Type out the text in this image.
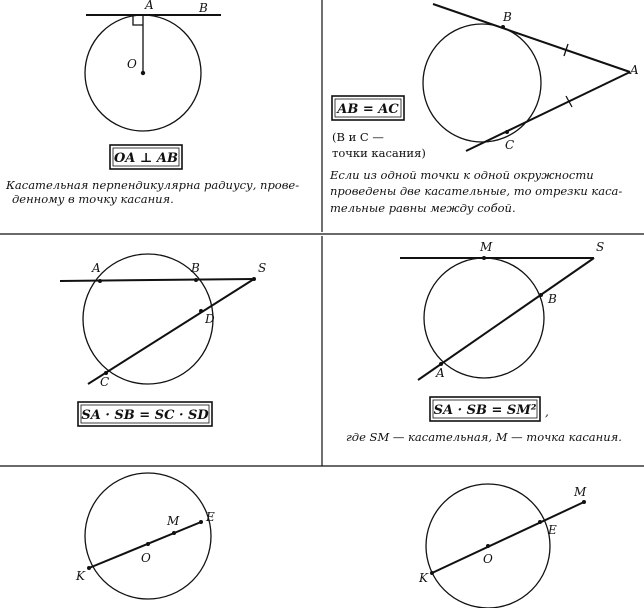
A	B
O
OA ⊥ AB
Касательная перпендикулярна радиусу, прове-
денному в точку касания.
B
A
C
AB = AC
(B и C —
точки касания)
Если из одной точки к одной окружности
проведены две касательные, то отрезки каса-
тельные равны между собой.
A	B	S
D
C
SA · SB = SC · SD
M	S
B
A
SA · SB = SM² ,
где SM — касательная, M — точка касания.
K
M E
O
M
E
K
O
